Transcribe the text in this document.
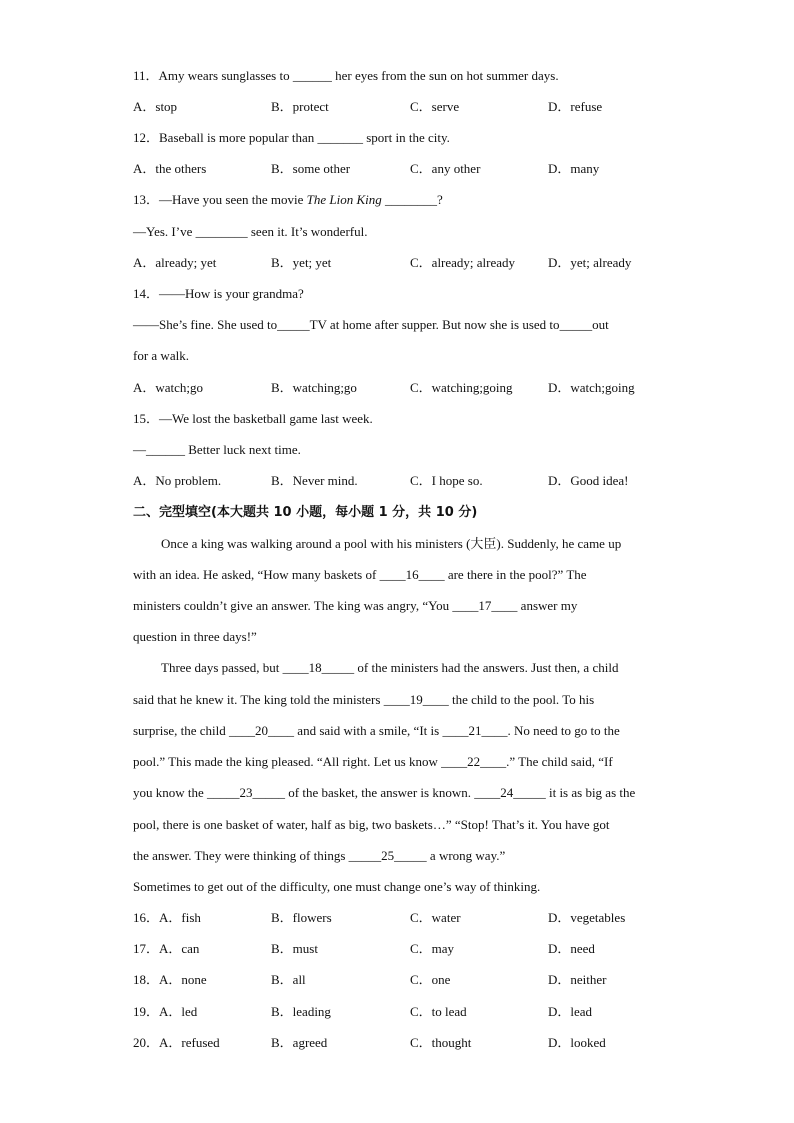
11．Amy wears sunglasses to ______ her eyes from the sun on hot summer days.
A．stop	B．protect	C．serve	D．refuse
12．Baseball is more popular than _______ sport in the city.
A．the others	B．some other	C．any other	D．many
13．—Have you seen the movie The Lion King ________?
—Yes. I’ve ________ seen it. It’s wonderful.
A．already; yet	B．yet; yet	C．already; already	D．yet; already
14．——How is your grandma?
——She’s fine. She used to_____TV at home after supper. But now she is used to_____out
for a walk.
A．watch;go	B．watching;go	C．watching;going	D．watch;going
15．—We lost the basketball game last week.
—______ Better luck next time.
A．No problem.	B．Never mind.	C．I hope so.	D．Good idea!
二、完型填空(本大题共 10 小题，每小题 1 分，共 10 分)
Once a king was walking around a pool with his ministers (大臣). Suddenly, he came up
with an idea. He asked, “How many baskets of ____16____ are there in the pool?” The
ministers couldn’t give an answer. The king was angry, “You ____17____ answer my
question in three days!”
Three days passed, but ____18_____ of the ministers had the answers. Just then, a child
said that he knew it. The king told the ministers ____19____ the child to the pool. To his
surprise, the child ____20____ and said with a smile, “It is ____21____. No need to go to the
pool.” This made the king pleased. “All right. Let us know ____22____.” The child said, “If
you know the _____23_____ of the basket, the answer is known. ____24_____ it is as big as the
pool, there is one basket of water, half as big, two baskets…” “Stop! That’s it. You have got
the answer. They were thinking of things _____25_____ a wrong way.”
Sometimes to get out of the difficulty, one must change one’s way of thinking.
16．A．fish	B．flowers	C．water	D．vegetables
17．A．can	B．must	C．may	D．need
18．A．none	B．all	C．one	D．neither
19．A．led	B．leading	C．to lead	D．lead
20．A．refused	B．agreed	C．thought	D．looked
